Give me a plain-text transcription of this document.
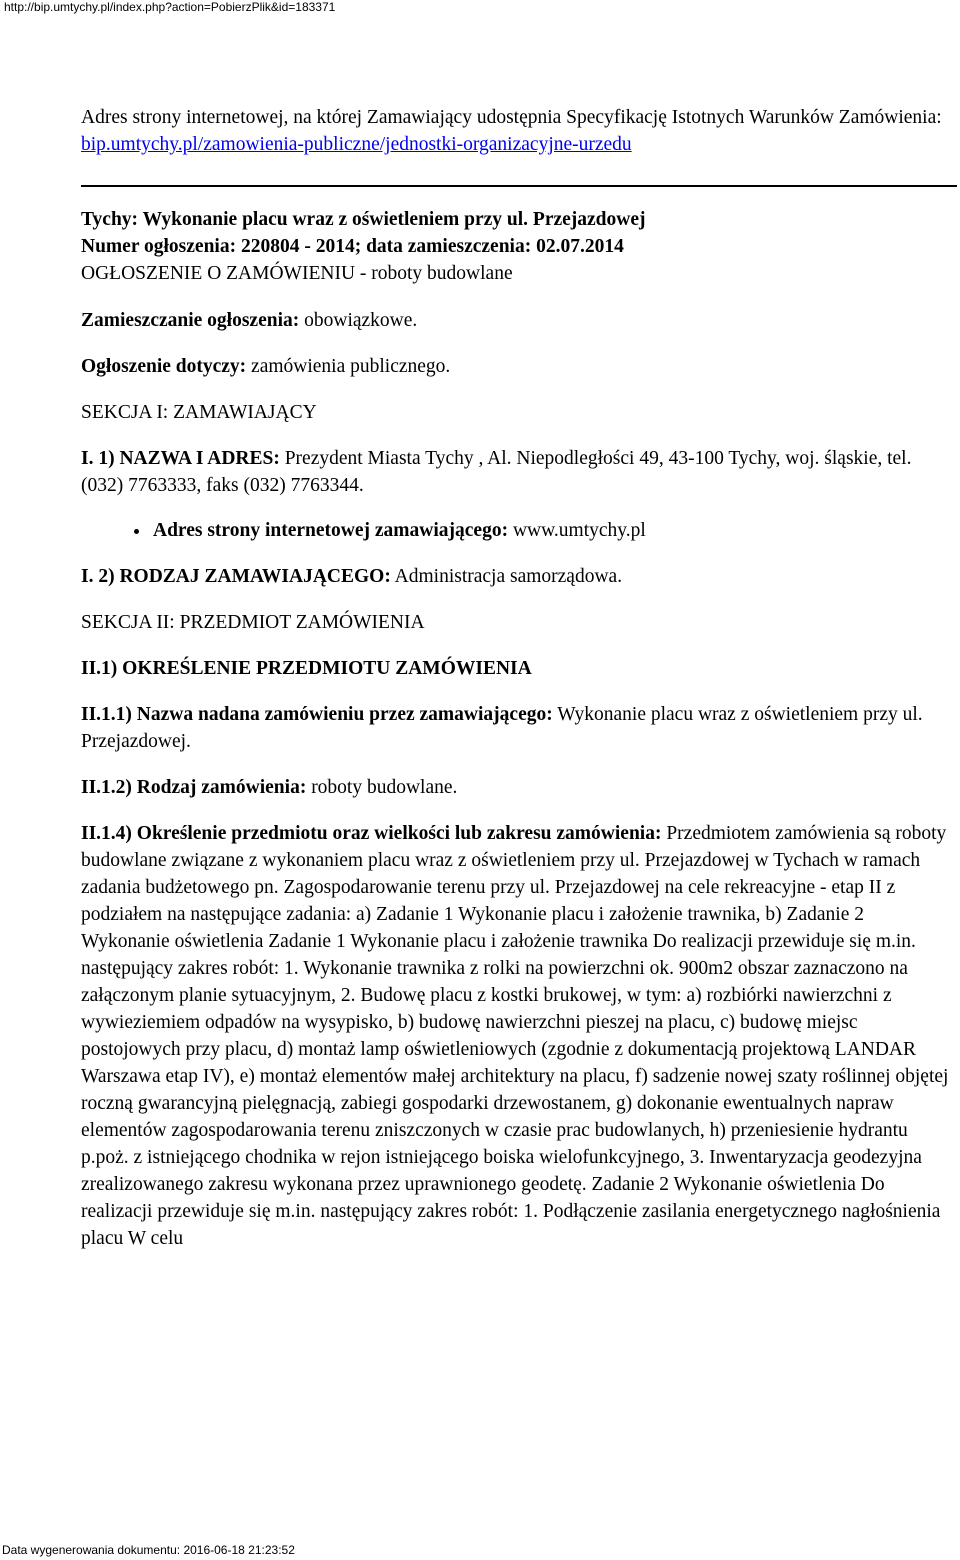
http://bip.umtychy.pl/index.php?action=PobierzPlik&id=183371

Adres strony internetowej, na której Zamawiający udostępnia Specyfikację Istotnych Warunków Zamówienia:
bip.umtychy.pl/zamowienia-publiczne/jednostki-organizacyjne-urzedu

Tychy: Wykonanie placu wraz z oświetleniem przy ul. Przejazdowej
Numer ogłoszenia: 220804 - 2014; data zamieszczenia: 02.07.2014
OGŁOSZENIE O ZAMÓWIENIU - roboty budowlane

Zamieszczanie ogłoszenia: obowiązkowe.

Ogłoszenie dotyczy: zamówienia publicznego.

SEKCJA I: ZAMAWIAJĄCY

I. 1) NAZWA I ADRES: Prezydent Miasta Tychy , Al. Niepodległości 49, 43-100 Tychy, woj. śląskie, tel. (032) 7763333, faks (032) 7763344.

• Adres strony internetowej zamawiającego: www.umtychy.pl

I. 2) RODZAJ ZAMAWIAJĄCEGO: Administracja samorządowa.

SEKCJA II: PRZEDMIOT ZAMÓWIENIA

II.1) OKREŚLENIE PRZEDMIOTU ZAMÓWIENIA

II.1.1) Nazwa nadana zamówieniu przez zamawiającego: Wykonanie placu wraz z oświetleniem przy ul. Przejazdowej.

II.1.2) Rodzaj zamówienia: roboty budowlane.

II.1.4) Określenie przedmiotu oraz wielkości lub zakresu zamówienia: Przedmiotem zamówienia są roboty budowlane związane z wykonaniem placu wraz z oświetleniem przy ul. Przejazdowej w Tychach w ramach zadania budżetowego pn. Zagospodarowanie terenu przy ul. Przejazdowej na cele rekreacyjne - etap II z podziałem na następujące zadania: a) Zadanie 1 Wykonanie placu i założenie trawnika, b) Zadanie 2 Wykonanie oświetlenia Zadanie 1 Wykonanie placu i założenie trawnika Do realizacji przewiduje się m.in. następujący zakres robót: 1. Wykonanie trawnika z rolki na powierzchni ok. 900m2 obszar zaznaczono na załączonym planie sytuacyjnym, 2. Budowę placu z kostki brukowej, w tym: a) rozbiórki nawierzchni z wywieziemiem odpadów na wysypisko, b) budowę nawierzchni pieszej na placu, c) budowę miejsc postojowych przy placu, d) montaż lamp oświetleniowych (zgodnie z dokumentacją projektową LANDAR Warszawa etap IV), e) montaż elementów małej architektury na placu, f) sadzenie nowej szaty roślinnej objętej roczną gwarancyjną pielęgnacją, zabiegi gospodarki drzewostanem, g) dokonanie ewentualnych napraw elementów zagospodarowania terenu zniszczonych w czasie prac budowlanych, h) przeniesienie hydrantu p.poż. z istniejącego chodnika w rejon istniejącego boiska wielofunkcyjnego, 3. Inwentaryzacja geodezyjna zrealizowanego zakresu wykonana przez uprawnionego geodetę. Zadanie 2 Wykonanie oświetlenia Do realizacji przewiduje się m.in. następujący zakres robót: 1. Podłączenie zasilania energetycznego nagłośnienia placu W celu

Data wygenerowania dokumentu: 2016-06-18 21:23:52
